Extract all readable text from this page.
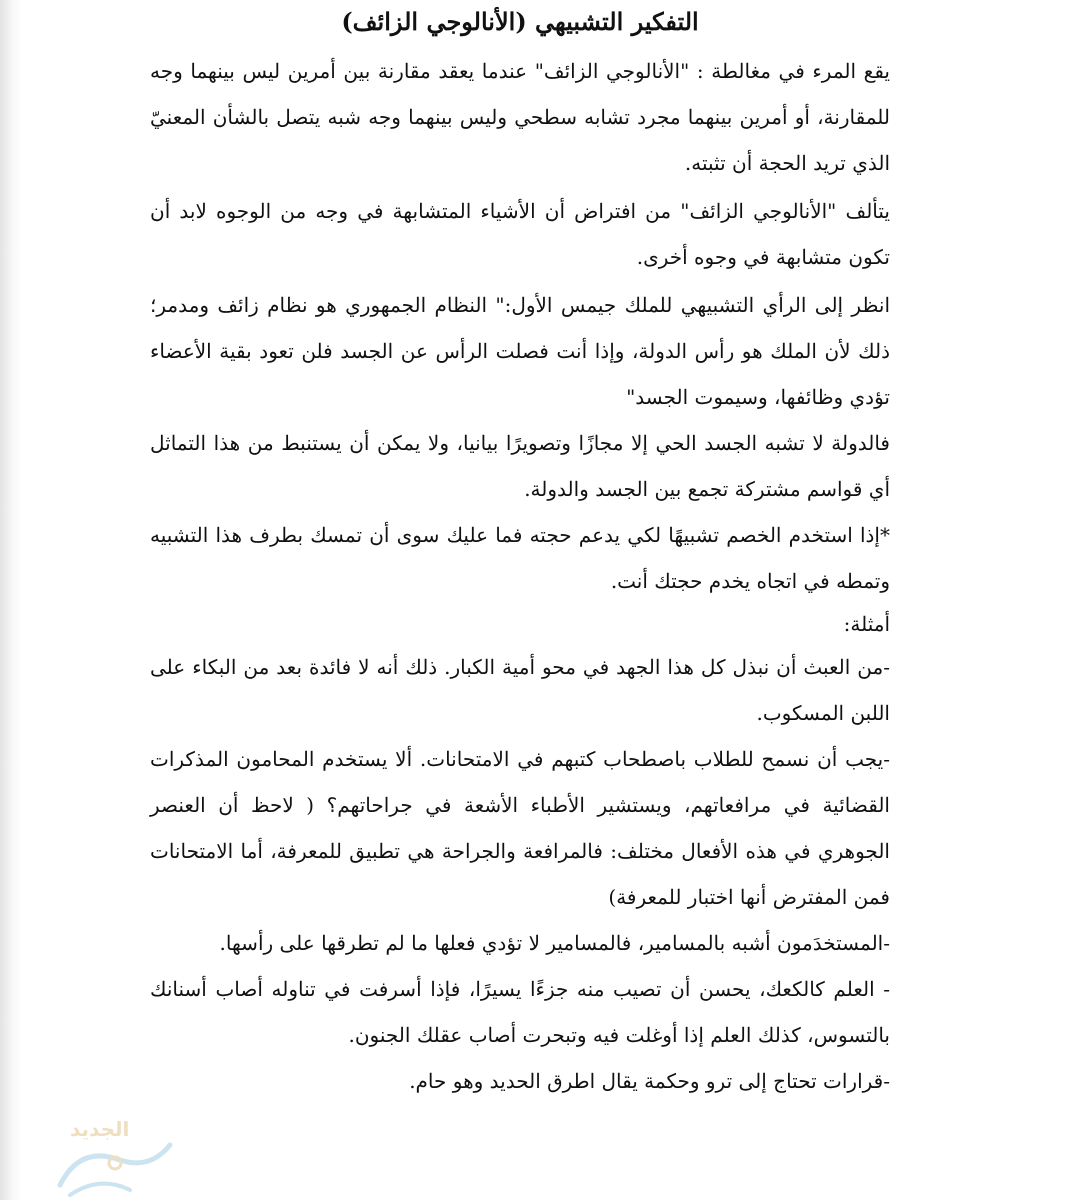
التفكير التشبيهي (الأنالوجي الزائف)

يقع المرء في مغالطة : "الأنالوجي الزائف" عندما يعقد مقارنة بين أمرين ليس بينهما وجه للمقارنة، أو أمرين بينهما مجرد تشابه سطحي وليس بينهما وجه شبه يتصل بالشأن المعنيّ الذي تريد الحجة أن تثبته.

يتألف "الأنالوجي الزائف" من افتراض أن الأشياء المتشابهة في وجه من الوجوه لابد أن تكون متشابهة في وجوه أخرى.

انظر إلى الرأي التشبيهي للملك جيمس الأول:" النظام الجمهوري هو نظام زائف ومدمر؛ ذلك لأن الملك هو رأس الدولة، وإذا أنت فصلت الرأس عن الجسد فلن تعود بقية الأعضاء تؤدي وظائفها، وسيموت الجسد"

فالدولة لا تشبه الجسد الحي إلا مجازًا وتصويرًا بيانيا، ولا يمكن أن يستنبط من هذا التماثل أي قواسم مشتركة تجمع بين الجسد والدولة.

*إذا استخدم الخصم تشبيهًا لكي يدعم حجته فما عليك سوى أن تمسك بطرف هذا التشبيه وتمطه في اتجاه يخدم حجتك أنت.

أمثلة:

-من العبث أن نبذل كل هذا الجهد في محو أمية الكبار. ذلك أنه لا فائدة بعد من البكاء على اللبن المسكوب.

-يجب أن نسمح للطلاب باصطحاب كتبهم في الامتحانات. ألا يستخدم المحامون المذكرات القضائية في مرافعاتهم، ويستشير الأطباء الأشعة في جراحاتهم؟ ( لاحظ أن العنصر الجوهري في هذه الأفعال مختلف: فالمرافعة والجراحة هي تطبيق للمعرفة، أما الامتحانات فمن المفترض أنها اختبار للمعرفة)

-المستخدَمون أشبه بالمسامير، فالمسامير لا تؤدي فعلها ما لم تطرقها على رأسها.

- العلم كالكعك، يحسن أن تصيب منه جزءًا يسيرًا، فإذا أسرفت في تناوله أصاب أسنانك بالتسوس، كذلك العلم إذا أوغلت فيه وتبحرت أصاب عقلك الجنون.

-قرارات تحتاج إلى ترو وحكمة يقال اطرق الحديد وهو حام.

الجديد
